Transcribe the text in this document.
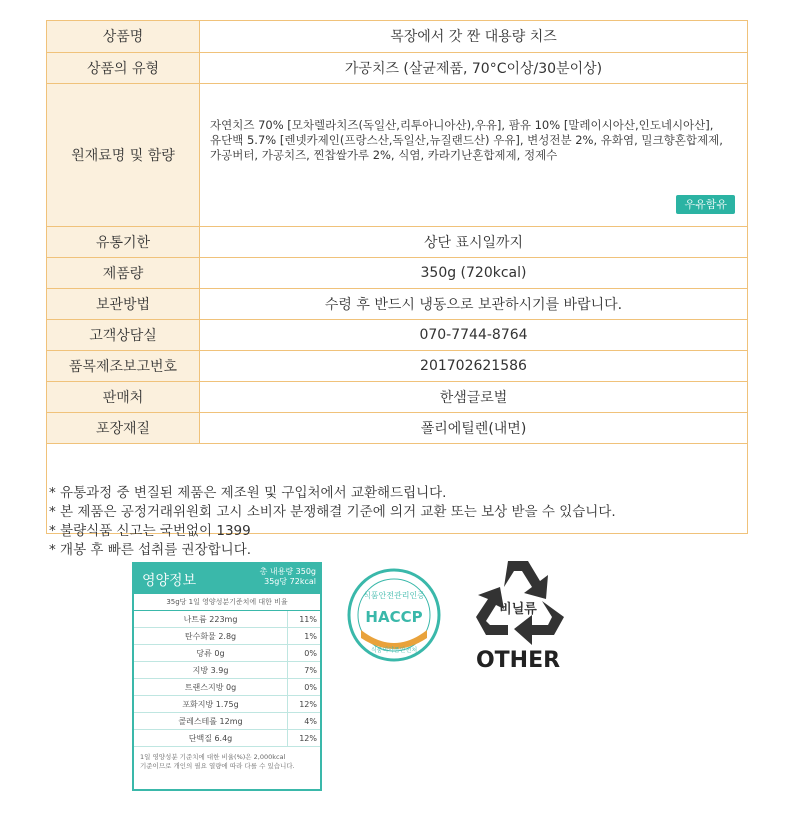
상품명	목장에서 갓 짠 대용량 치즈
상품의 유형	가공치즈 (살균제품, 70°C이상/30분이상)
원재료명 및 함량	자연치즈 70% [모차렐라치즈(독일산,리투아니아산),우유], 팜유 10% [말레이시아산,인도네시아산],
유단백 5.7% [렌넷카제인(프랑스산,독일산,뉴질랜드산) 우유], 변성전분 2%, 유화염, 밀크향혼합제제,
가공버터, 가공치즈, 찐찹쌀가루 2%, 식염, 카라기난혼합제제, 정제수
우유함유

유통기한	상단 표시일까지
제품량	350g (720kcal)
보관방법	수령 후 반드시 냉동으로 보관하시기를 바랍니다.
고객상담실	070-7744-8764
품목제조보고번호	201702621586
판매처	한샘글로벌
포장재질	폴리에틸렌(내면)
* 유통과정 중 변질된 제품은 제조원 및 구입처에서 교환해드립니다.
* 본 제품은 공정거래위원회 고시 소비자 분쟁해결 기준에 의거 교환 또는 보상 받을 수 있습니다.
* 불량식품 신고는 국번없이 1399
* 개봉 후 빠른 섭취를 권장합니다.
영양정보
총 내용량 350g
35g당 72kcal
35g당 1일 영양성분기준치에 대한 비율
나트륨 223mg	11%
탄수화물 2.8g	1%
당류 0g	0%
지방 3.9g	7%
트랜스지방 0g	0%
포화지방 1.75g	12%
콜레스테롤 12mg	4%
단백질 6.4g	12%
1일 영양성분 기준치에 대한 비율(%)은 2,000kcal
기준이므로 개인의 필요 열량에 따라 다를 수 있습니다.
식품안전관리인증
HACCP
식품의약품안전처
비닐류
OTHER
